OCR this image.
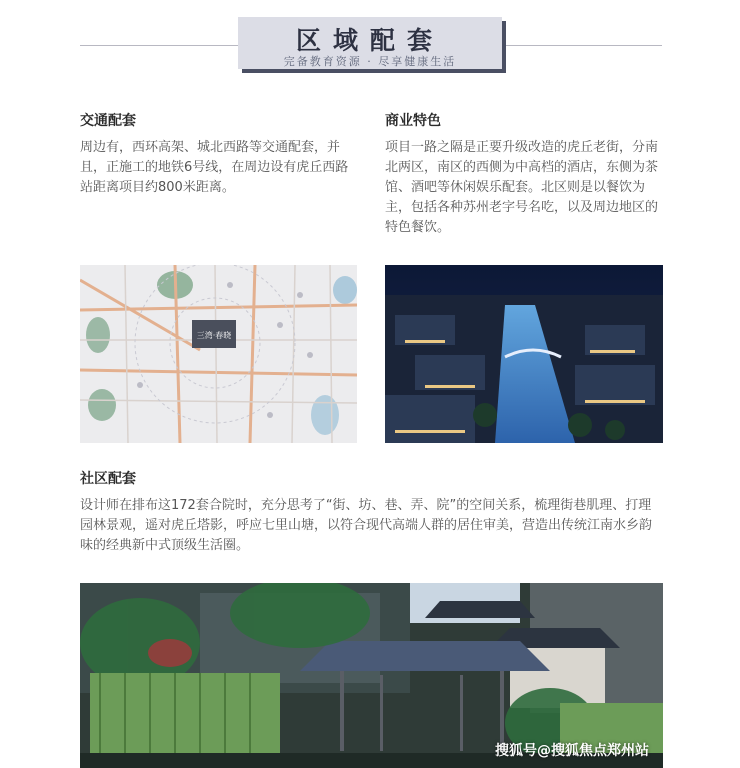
区域配套
完备教育资源 · 尽享健康生活
交通配套
周边有，西环高架、城北西路等交通配套，并且，正施工的地铁6号线，在周边设有虎丘西路站距离项目约800米距离。
商业特色
项目一路之隔是正要升级改造的虎丘老街，分南北两区，南区的西侧为中高档的酒店，东侧为茶馆、酒吧等休闲娱乐配套。北区则是以餐饮为主，包括各种苏州老字号名吃，以及周边地区的特色餐饮。
三湾·春晓
社区配套
设计师在排布这172套合院时，充分思考了“街、坊、巷、弄、院”的空间关系，梳理街巷肌理、打理园林景观，遥对虎丘塔影，呼应七里山塘，以符合现代高端人群的居住审美，营造出传统江南水乡韵味的经典新中式顶级生活圈。
搜狐号@搜狐焦点郑州站
